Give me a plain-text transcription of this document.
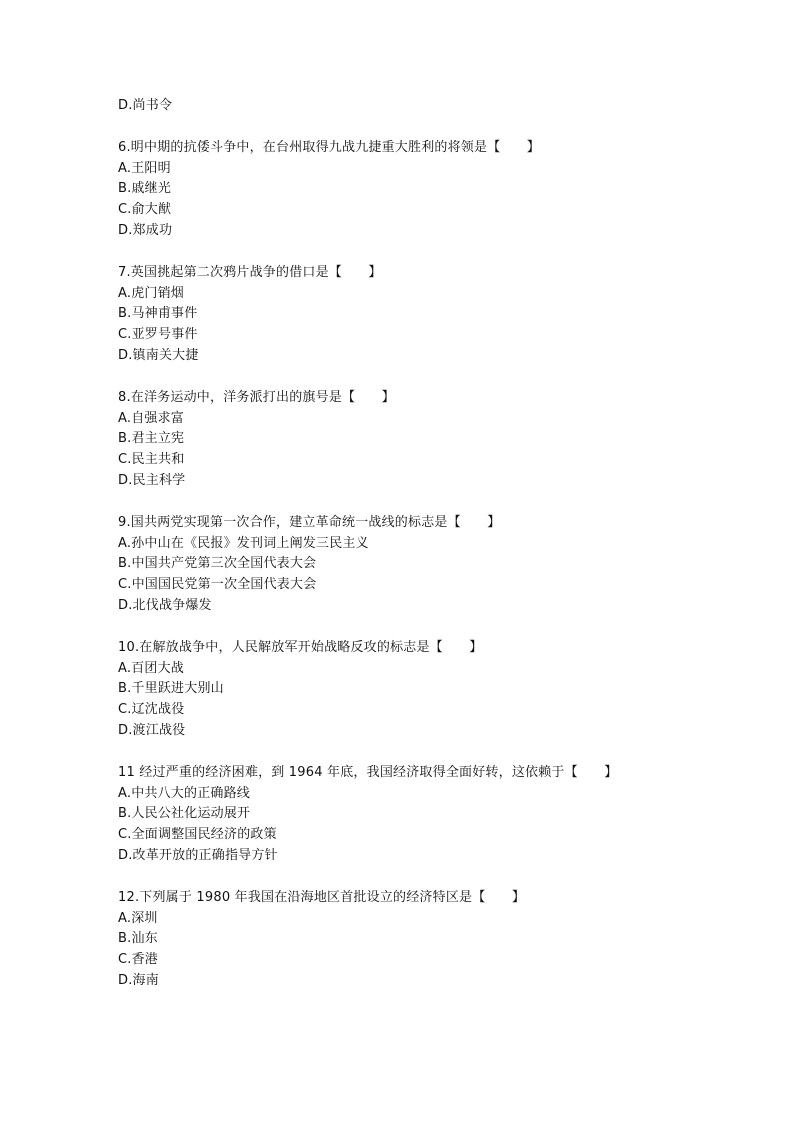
D.尚书令
6.明中期的抗倭斗争中，在台州取得九战九捷重大胜利的将领是【　　】
A.王阳明
B.戚继光
C.俞大猷
D.郑成功
7.英国挑起第二次鸦片战争的借口是【　　】
A.虎门销烟
B.马神甫事件
C.亚罗号事件
D.镇南关大捷
8.在洋务运动中，洋务派打出的旗号是【　　】
A.自强求富
B.君主立宪
C.民主共和
D.民主科学
9.国共两党实现第一次合作，建立革命统一战线的标志是【　　】
A.孙中山在《民报》发刊词上阐发三民主义
B.中国共产党第三次全国代表大会
C.中国国民党第一次全国代表大会
D.北伐战争爆发
10.在解放战争中，人民解放军开始战略反攻的标志是【　　】
A.百团大战
B.千里跃进大别山
C.辽沈战役
D.渡江战役
11 经过严重的经济困难，到 1964 年底，我国经济取得全面好转，这依赖于【　　】
A.中共八大的正确路线
B.人民公社化运动展开
C.全面调整国民经济的政策
D.改革开放的正确指导方针
12.下列属于 1980 年我国在沿海地区首批设立的经济特区是【　　】
A.深圳
B.汕东
C.香港
D.海南
